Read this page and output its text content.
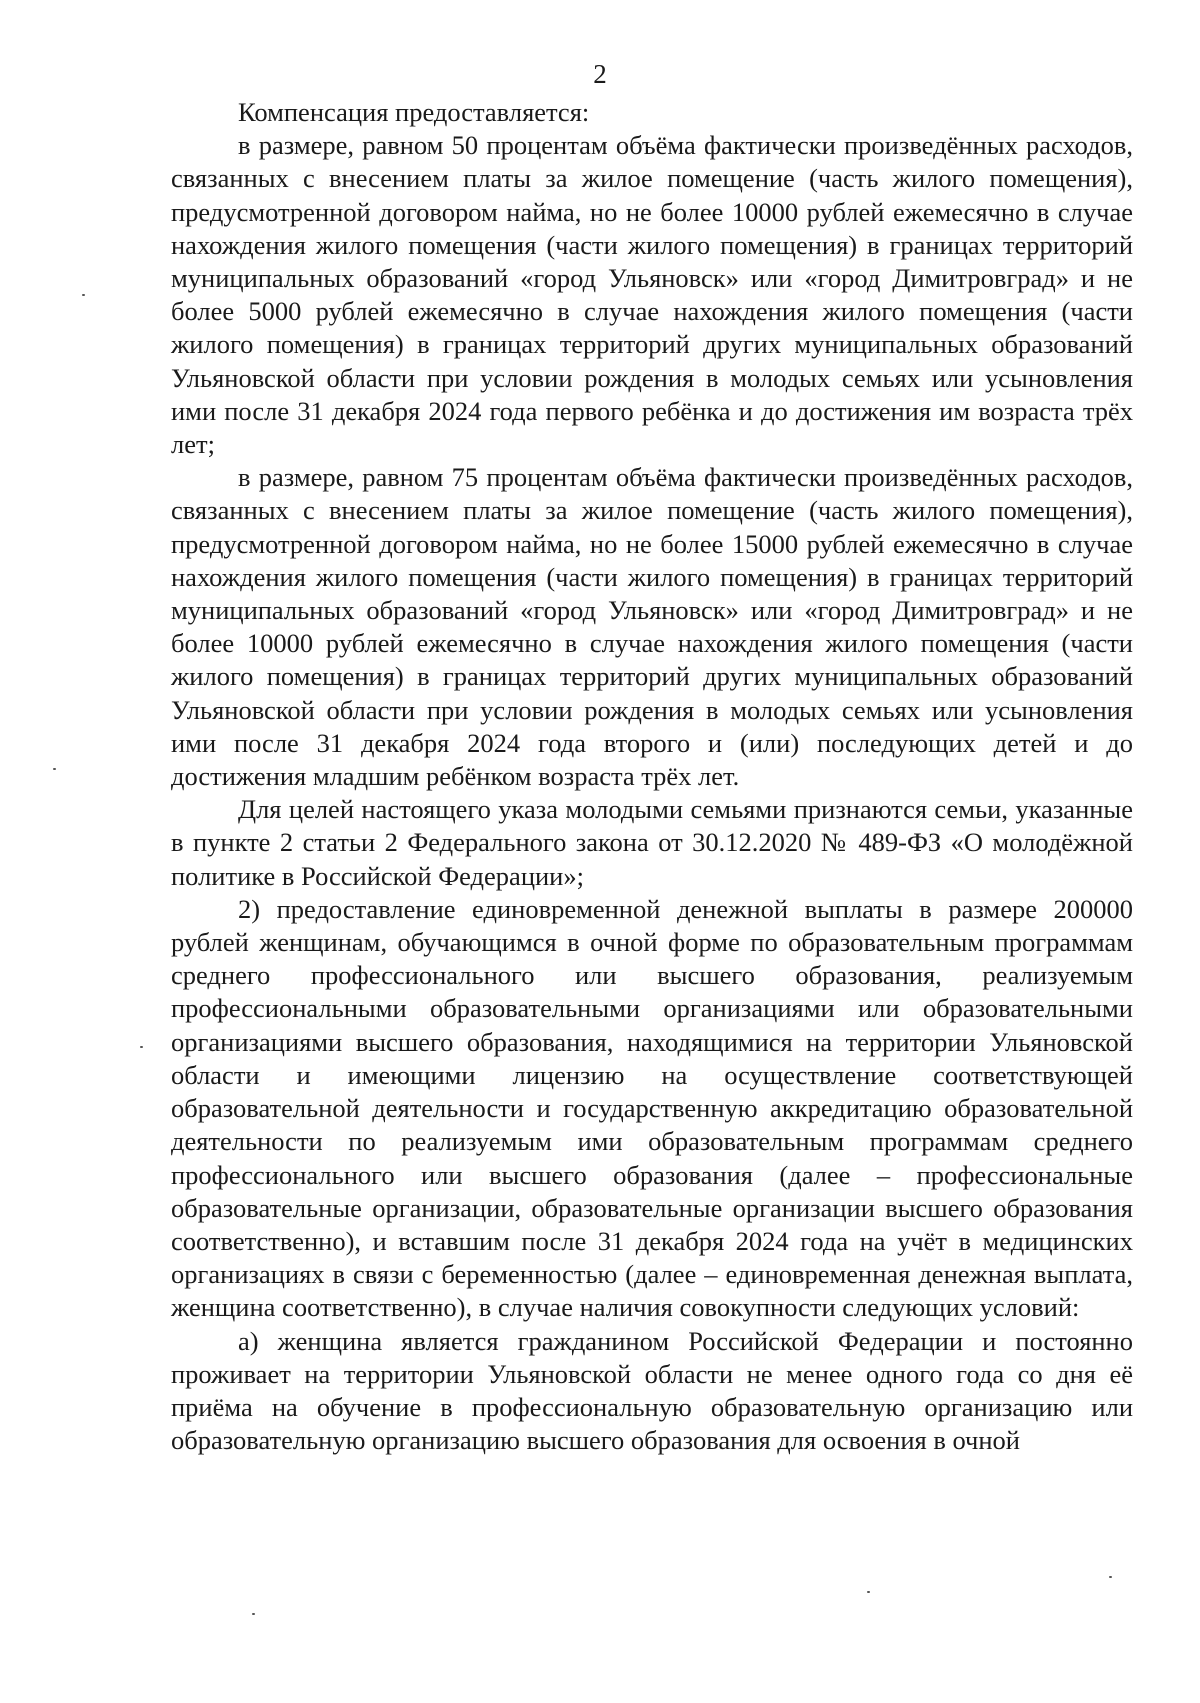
2

Компенсация предоставляется:

в размере, равном 50 процентам объёма фактически произведённых расходов, связанных с внесением платы за жилое помещение (часть жилого помещения), предусмотренной договором найма, но не более 10000 рублей ежемесячно в случае нахождения жилого помещения (части жилого помещения) в границах территорий муниципальных образований «город Ульяновск» или «город Димитровград» и не более 5000 рублей ежемесячно в случае нахождения жилого помещения (части жилого помещения) в границах территорий других муниципальных образований Ульяновской области при условии рождения в молодых семьях или усыновления ими после 31 декабря 2024 года первого ребёнка и до достижения им возраста трёх лет;

в размере, равном 75 процентам объёма фактически произведённых расходов, связанных с внесением платы за жилое помещение (часть жилого помещения), предусмотренной договором найма, но не более 15000 рублей ежемесячно в случае нахождения жилого помещения (части жилого помещения) в границах территорий муниципальных образований «город Ульяновск» или «город Димитровград» и не более 10000 рублей ежемесячно в случае нахождения жилого помещения (части жилого помещения) в границах территорий других муниципальных образований Ульяновской области при условии рождения в молодых семьях или усыновления ими после 31 декабря 2024 года второго и (или) последующих детей и до достижения младшим ребёнком возраста трёх лет.

Для целей настоящего указа молодыми семьями признаются семьи, указанные в пункте 2 статьи 2 Федерального закона от 30.12.2020 № 489-ФЗ «О молодёжной политике в Российской Федерации»;

2) предоставление единовременной денежной выплаты в размере 200000 рублей женщинам, обучающимся в очной форме по образовательным программам среднего профессионального или высшего образования, реализуемым профессиональными образовательными организациями или образовательными организациями высшего образования, находящимися на территории Ульяновской области и имеющими лицензию на осуществление соответствующей образовательной деятельности и государственную аккредитацию образовательной деятельности по реализуемым ими образовательным программам среднего профессионального или высшего образования (далее – профессиональные образовательные организации, образовательные организации высшего образования соответственно), и вставшим после 31 декабря 2024 года на учёт в медицинских организациях в связи с беременностью (далее – единовременная денежная выплата, женщина соответственно), в случае наличия совокупности следующих условий:

а) женщина является гражданином Российской Федерации и постоянно проживает на территории Ульяновской области не менее одного года со дня её приёма на обучение в профессиональную образовательную организацию или образовательную организацию высшего образования для освоения в очной
